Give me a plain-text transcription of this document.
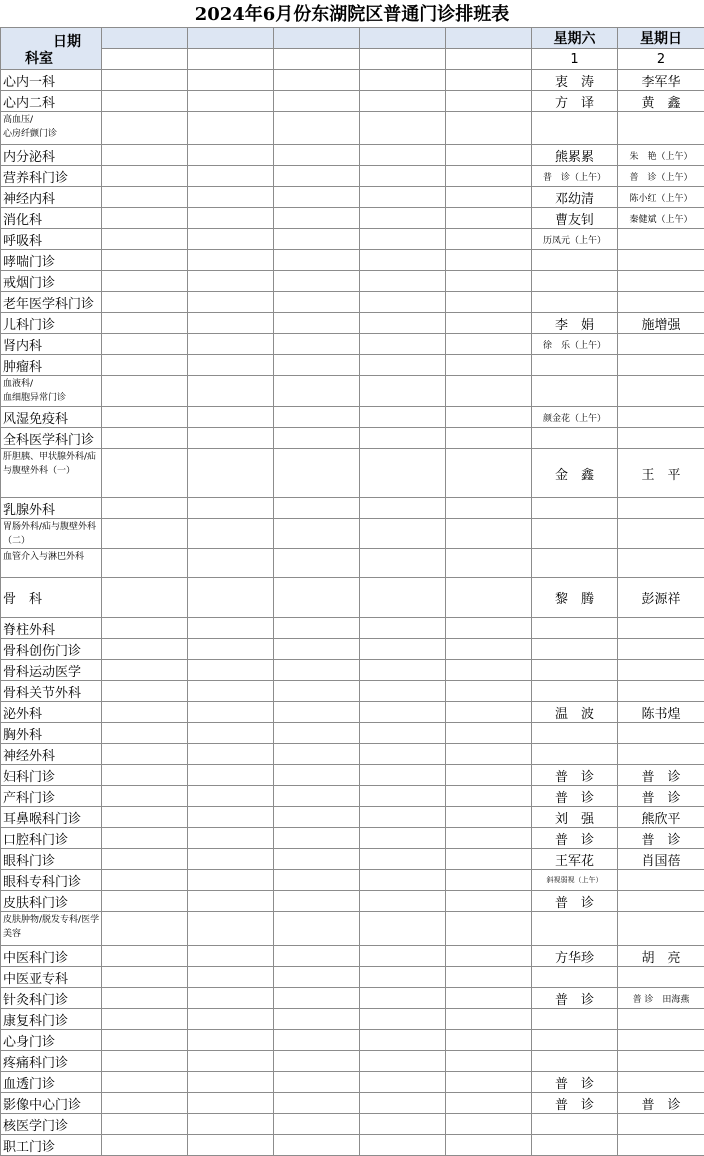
2024年6月份东湖院区普通门诊排班表
日期
科室						星期六	星期日
						1	2
心内一科						衷　涛	李军华
心内二科						方　译	黄　鑫
高血压/
心房纤颤门诊							
内分泌科						熊累累	朱　艳（上午）
营养科门诊						普　诊（上午）	普　诊（上午）
神经内科						邓幼清	陈小红（上午）
消化科						曹友钊	秦健斌（上午）
呼吸科						历凤元（上午）	
哮喘门诊							
戒烟门诊							
老年医学科门诊							
儿科门诊						李　娟	施增强
肾内科						徐　乐（上午）	
肿瘤科							
血液科/
血细胞异常门诊							
风湿免疫科						颜金花（上午）	
全科医学科门诊							
肝胆胰、甲状腺外科/疝与腹壁外科（一）						金　鑫	王　平
乳腺外科							
胃肠外科/疝与腹壁外科（二）							
血管介入与淋巴外科							
骨　科						黎　腾	彭源祥
脊柱外科							
骨科创伤门诊							
骨科运动医学							
骨科关节外科							
泌外科						温　波	陈书煌
胸外科							
神经外科							
妇科门诊						普　诊	普　诊
产科门诊						普　诊	普　诊
耳鼻喉科门诊						刘　强	熊欣平
口腔科门诊						普　诊	普　诊
眼科门诊						王军花	肖国蓓
眼科专科门诊						斜视弱视（上午）	
皮肤科门诊						普　诊	
皮肤肿物/脱发专科/医学美容							
中医科门诊						方华珍	胡　亮
中医亚专科							
针灸科门诊						普　诊	普 诊　田海燕
康复科门诊							
心身门诊							
疼痛科门诊							
血透门诊						普　诊	
影像中心门诊						普　诊	普　诊
核医学门诊							
职工门诊							
